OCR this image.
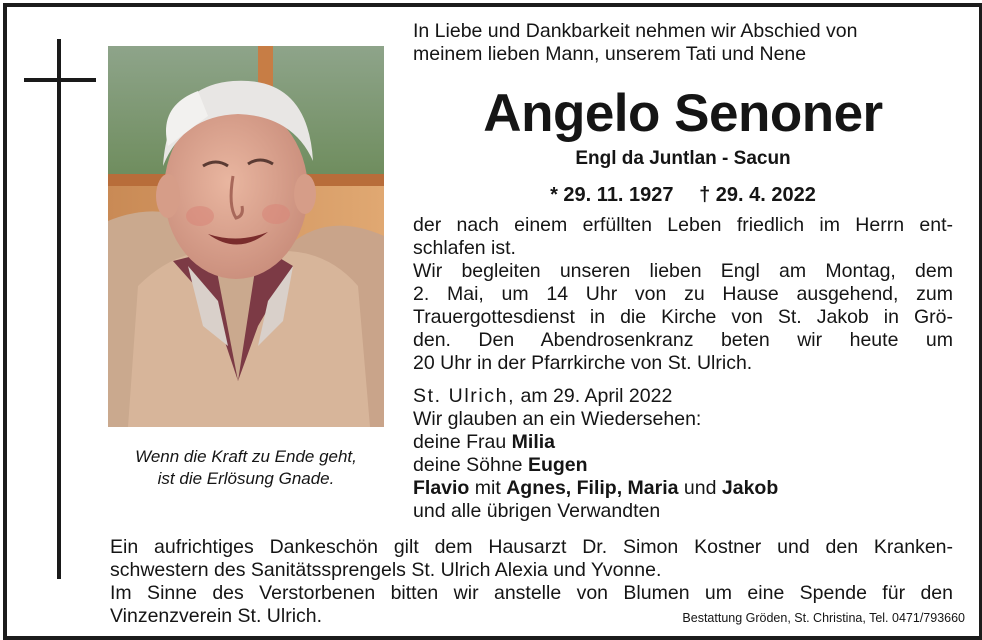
Wenn die Kraft zu Ende geht,
ist die Erlösung Gnade.
In Liebe und Dankbarkeit nehmen wir Abschied von
meinem lieben Mann, unserem Tati und Nene
Angelo Senoner
Engl da Juntlan - Sacun
* 29. 11. 1927 † 29. 4. 2022
der nach einem erfüllten Leben friedlich im Herrn ent-
schlafen ist.
Wir begleiten unseren lieben Engl am Montag, dem
2. Mai, um 14 Uhr von zu Hause ausgehend, zum
Trauergottesdienst in die Kirche von St. Jakob in Grö-
den. Den Abendrosenkranz beten wir heute um
20 Uhr in der Pfarrkirche von St. Ulrich.
St. Ulrich, am 29. April 2022
Wir glauben an ein Wiedersehen:
deine Frau Milia
deine Söhne Eugen
Flavio mit Agnes, Filip, Maria und Jakob
und alle übrigen Verwandten
Ein aufrichtiges Dankeschön gilt dem Hausarzt Dr. Simon Kostner und den Kranken-
schwestern des Sanitätssprengels St. Ulrich Alexia und Yvonne.
Im Sinne des Verstorbenen bitten wir anstelle von Blumen um eine Spende für den
Vinzenzverein St. Ulrich.	Bestattung Gröden, St. Christina, Tel. 0471/793660
